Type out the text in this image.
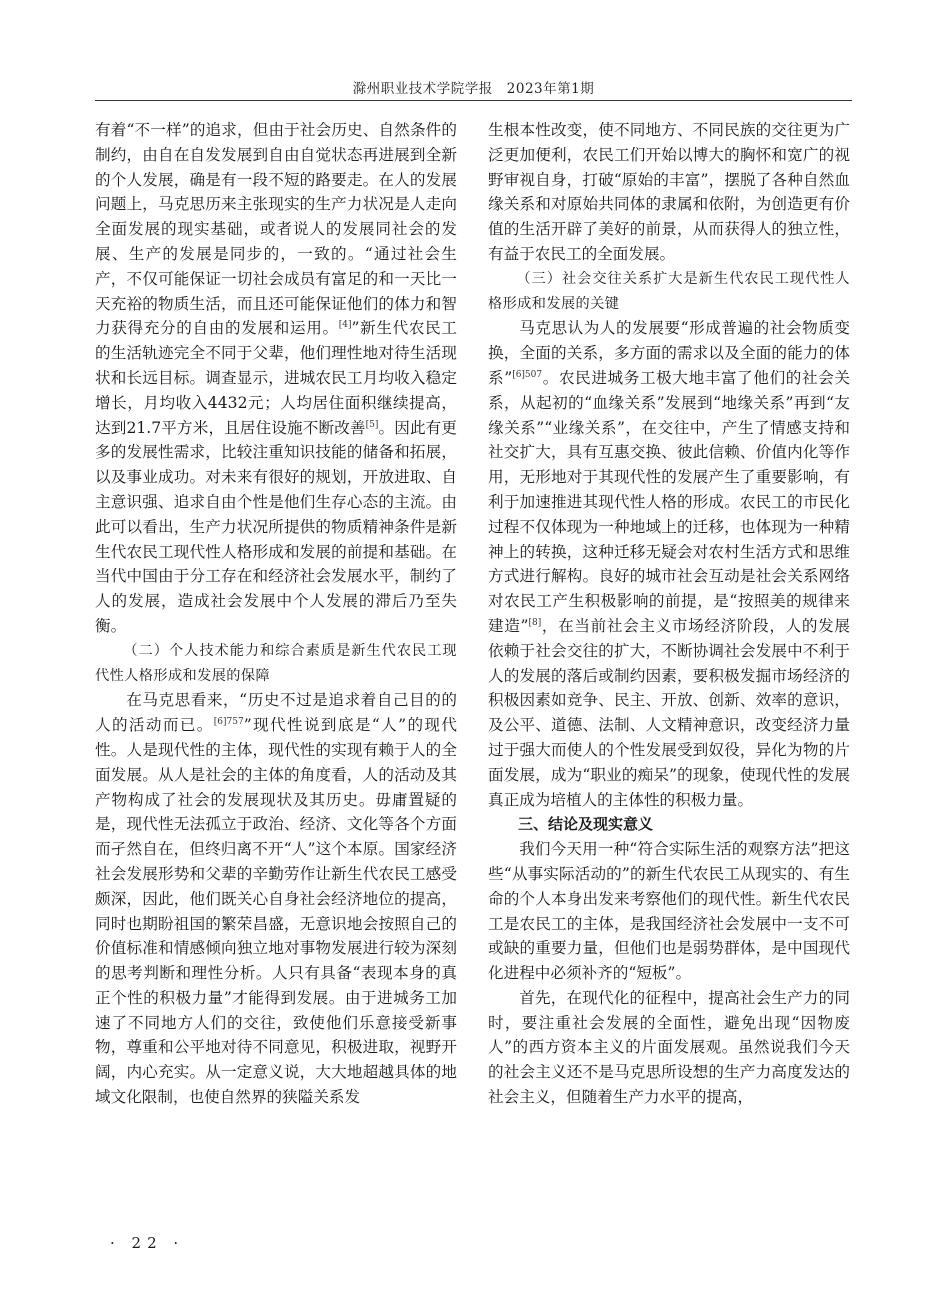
滁州职业技术学院学报　 2023年第1期

有着“不一样”的追求，但由于社会历史、自然条件的制约，由自在自发发展到自由自觉状态再进展到全新的个人发展，确是有一段不短的路要走。在人的发展问题上，马克思历来主张现实的生产力状况是人走向全面发展的现实基础，或者说人的发展同社会的发展、生产的发展是同步的，一致的。“通过社会生产，不仅可能保证一切社会成员有富足的和一天比一天充裕的物质生活，而且还可能保证他们的体力和智力获得充分的自由的发展和运用。[4]”新生代农民工的生活轨迹完全不同于父辈，他们理性地对待生活现状和长远目标。调查显示，进城农民工月均收入稳定增长，月均收入4432元；人均居住面积继续提高，达到21.7平方米，且居住设施不断改善[5]。因此有更多的发展性需求，比较注重知识技能的储备和拓展，以及事业成功。对未来有很好的规划，开放进取、自主意识强、追求自由个性是他们生存心态的主流。由此可以看出，生产力状况所提供的物质精神条件是新生代农民工现代性人格形成和发展的前提和基础。在当代中国由于分工存在和经济社会发展水平，制约了人的发展，造成社会发展中个人发展的滞后乃至失衡。

（二）个人技术能力和综合素质是新生代农民工现代性人格形成和发展的保障

在马克思看来，“历史不过是追求着自己目的的人的活动而已。$^{[6]757}$”现代性说到底是“人”的现代性。人是现代性的主体，现代性的实现有赖于人的全面发展。从人是社会的主体的角度看，人的活动及其产物构成了社会的发展现状及其历史。毋庸置疑的是，现代性无法孤立于政治、经济、文化等各个方面而孑然自在，但终归离不开“人”这个本原。国家经济社会发展形势和父辈的辛勤劳作让新生代农民工感受颇深，因此，他们既关心自身社会经济地位的提高，同时也期盼祖国的繁荣昌盛，无意识地会按照自己的价值标准和情感倾向独立地对事物发展进行较为深刻的思考判断和理性分析。人只有具备“表现本身的真正个性的积极力量”才能得到发展。由于进城务工加速了不同地方人们的交往，致使他们乐意接受新事物，尊重和公平地对待不同意见，积极进取，视野开阔，内心充实。从一定意义说，大大地超越具体的地域文化限制，也使自然界的狭隘关系发

生根本性改变，使不同地方、不同民族的交往更为广泛更加便利，农民工们开始以博大的胸怀和宽广的视野审视自身，打破“原始的丰富”，摆脱了各种自然血缘关系和对原始共同体的隶属和依附，为创造更有价值的生活开辟了美好的前景，从而获得人的独立性，有益于农民工的全面发展。

（三）社会交往关系扩大是新生代农民工现代性人格形成和发展的关键

马克思认为人的发展要“形成普遍的社会物质变换，全面的关系，多方面的需求以及全面的能力的体系”$^{[6]507}$。农民进城务工极大地丰富了他们的社会关系，从起初的“血缘关系”发展到“地缘关系”再到“友缘关系”“业缘关系”，在交往中，产生了情感支持和社交扩大，具有互惠交换、彼此信赖、价值内化等作用，无形地对于其现代性的发展产生了重要影响，有利于加速推进其现代性人格的形成。农民工的市民化过程不仅体现为一种地域上的迁移，也体现为一种精神上的转换，这种迁移无疑会对农村生活方式和思维方式进行解构。良好的城市社会互动是社会关系网络对农民工产生积极影响的前提，是“按照美的规律来建造”[8]，在当前社会主义市场经济阶段，人的发展依赖于社会交往的扩大，不断协调社会发展中不利于人的发展的落后或制约因素，要积极发掘市场经济的积极因素如竞争、民主、开放、创新、效率的意识，及公平、道德、法制、人文精神意识，改变经济力量过于强大而使人的个性发展受到奴役，异化为物的片面发展，成为“职业的痴呆”的现象，使现代性的发展真正成为培植人的主体性的积极力量。

三、结论及现实意义

我们今天用一种“符合实际生活的观察方法”把这些“从事实际活动的”的新生代农民工从现实的、有生命的个人本身出发来考察他们的现代性。新生代农民工是农民工的主体，是我国经济社会发展中一支不可或缺的重要力量，但他们也是弱势群体，是中国现代化进程中必须补齐的“短板”。

首先，在现代化的征程中，提高社会生产力的同时，要注重社会发展的全面性，避免出现“因物废人”的西方资本主义的片面发展观。虽然说我们今天的社会主义还不是马克思所设想的生产力高度发达的社会主义，但随着生产力水平的提高，

· 22 ·
